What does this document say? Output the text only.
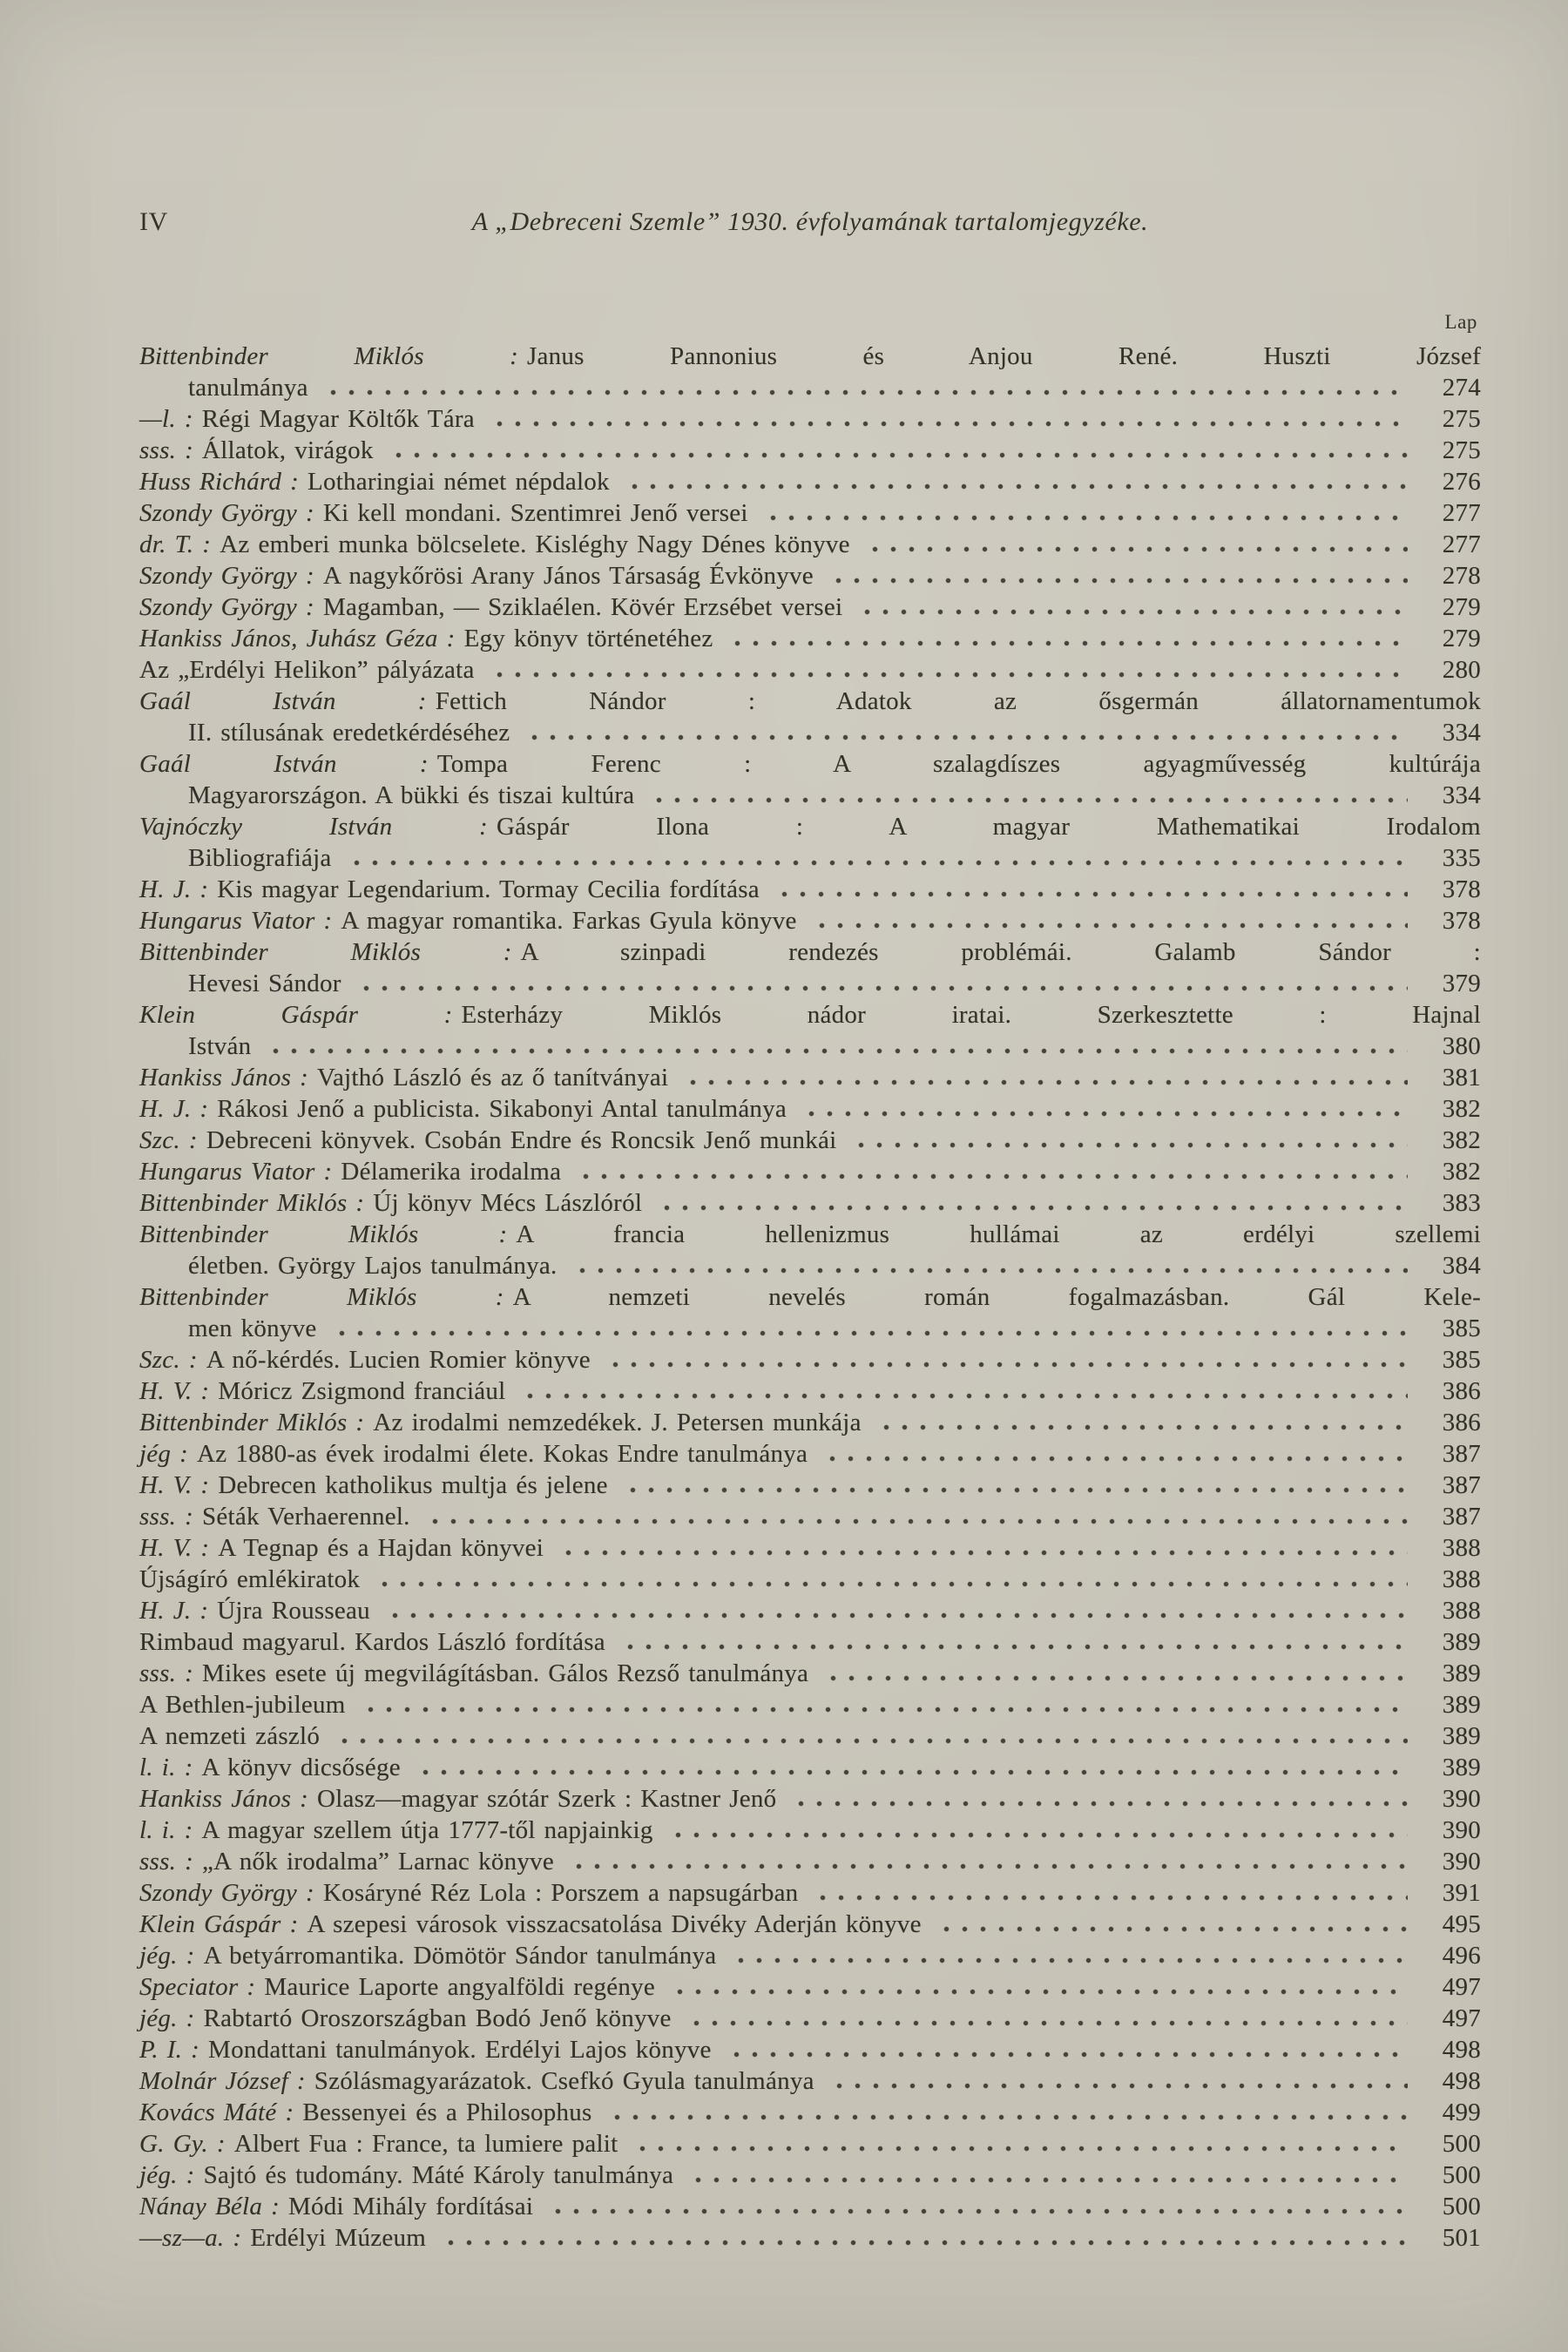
IV	A „Debreceni Szemle” 1930. évfolyamának tartalomjegyzéke.
Lap
Bittenbinder Miklós : Janus Pannonius és Anjou René. Huszti József
tanulmánya	274
—l. : Régi Magyar Költők Tára	275
sss. : Állatok, virágok	275
Huss Richárd : Lotharingiai német népdalok	276
Szondy György : Ki kell mondani. Szentimrei Jenő versei	277
dr. T. : Az emberi munka bölcselete. Kisléghy Nagy Dénes könyve	277
Szondy György : A nagykőrösi Arany János Társaság Évkönyve	278
Szondy György : Magamban, — Sziklaélen. Kövér Erzsébet versei	279
Hankiss János, Juhász Géza : Egy könyv történetéhez	279
Az „Erdélyi Helikon” pályázata	280
Gaál István : Fettich Nándor : Adatok az ősgermán állatornamentumok
II. stílusának eredetkérdéséhez	334
Gaál István : Tompa Ferenc : A szalagdíszes agyagművesség kultúrája
Magyarországon. A bükki és tiszai kultúra	334
Vajnóczky István : Gáspár Ilona : A magyar Mathematikai Irodalom
Bibliografiája	335
H. J. : Kis magyar Legendarium. Tormay Cecilia fordítása	378
Hungarus Viator : A magyar romantika. Farkas Gyula könyve	378
Bittenbinder Miklós : A szinpadi rendezés problémái. Galamb Sándor :
Hevesi Sándor	379
Klein Gáspár : Esterházy Miklós nádor iratai. Szerkesztette : Hajnal
István	380
Hankiss János : Vajthó László és az ő tanítványai	381
H. J. : Rákosi Jenő a publicista. Sikabonyi Antal tanulmánya	382
Szc. : Debreceni könyvek. Csobán Endre és Roncsik Jenő munkái	382
Hungarus Viator : Délamerika irodalma	382
Bittenbinder Miklós : Új könyv Mécs Lászlóról	383
Bittenbinder Miklós : A francia hellenizmus hullámai az erdélyi szellemi
életben. György Lajos tanulmánya.	384
Bittenbinder Miklós : A nemzeti nevelés román fogalmazásban. Gál Kele-
men könyve	385
Szc. : A nő-kérdés. Lucien Romier könyve	385
H. V. : Móricz Zsigmond franciául	386
Bittenbinder Miklós : Az irodalmi nemzedékek. J. Petersen munkája	386
jég : Az 1880-as évek irodalmi élete. Kokas Endre tanulmánya	387
H. V. : Debrecen katholikus multja és jelene	387
sss. : Séták Verhaerennel.	387
H. V. : A Tegnap és a Hajdan könyvei	388
Újságíró emlékiratok	388
H. J. : Újra Rousseau	388
Rimbaud magyarul. Kardos László fordítása	389
sss. : Mikes esete új megvilágításban. Gálos Rezső tanulmánya	389
A Bethlen-jubileum	389
A nemzeti zászló	389
l. i. : A könyv dicsősége	389
Hankiss János : Olasz—magyar szótár Szerk : Kastner Jenő	390
l. i. : A magyar szellem útja 1777-től napjainkig	390
sss. : „A nők irodalma” Larnac könyve	390
Szondy György : Kosáryné Réz Lola : Porszem a napsugárban	391
Klein Gáspár : A szepesi városok visszacsatolása Divéky Aderján könyve	495
jég. : A betyárromantika. Dömötör Sándor tanulmánya	496
Speciator : Maurice Laporte angyalföldi regénye	497
jég. : Rabtartó Oroszországban Bodó Jenő könyve	497
P. I. : Mondattani tanulmányok. Erdélyi Lajos könyve	498
Molnár József : Szólásmagyarázatok. Csefkó Gyula tanulmánya	498
Kovács Máté : Bessenyei és a Philosophus	499
G. Gy. : Albert Fua : France, ta lumiere palit	500
jég. : Sajtó és tudomány. Máté Károly tanulmánya	500
Nánay Béla : Módi Mihály fordításai	500
—sz—a. : Erdélyi Múzeum	501
